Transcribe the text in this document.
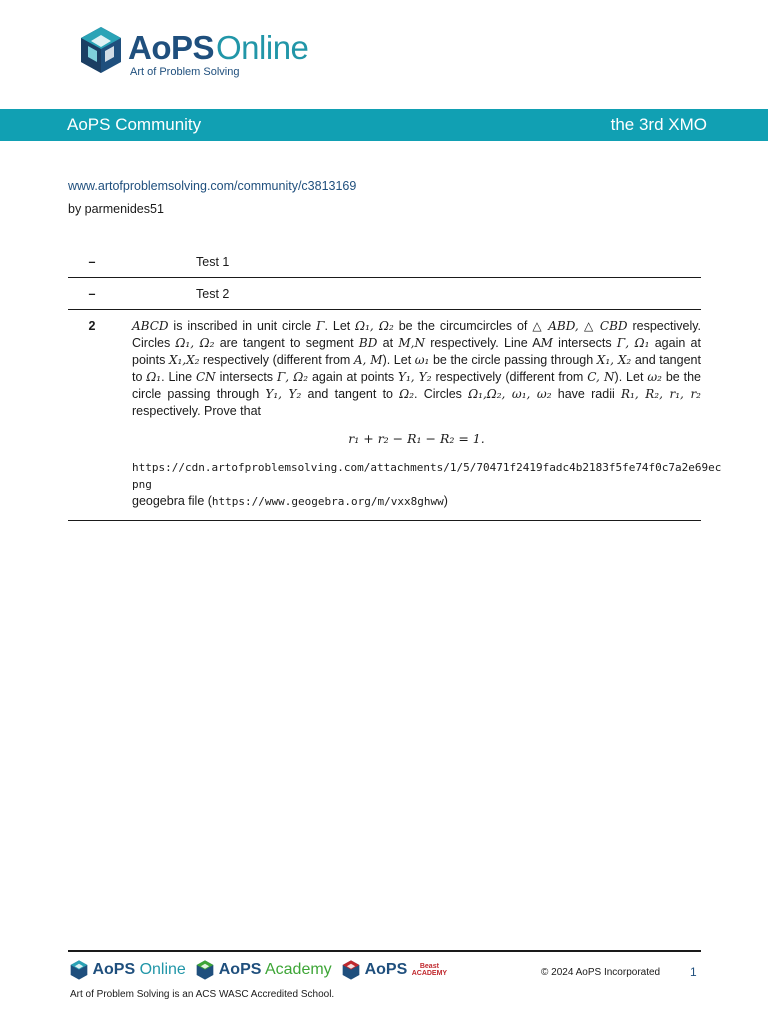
AoPSOnline
Art of Problem Solving
AoPS Community	the 3rd XMO
www.artofproblemsolving.com/community/c3813169
by parmenides51
–	Test 1
–	Test 2
2	ABCD is inscribed in unit circle Γ. Let Ω₁, Ω₂ be the circumcircles of △ ABD, △ CBD respectively. Circles Ω₁, Ω₂ are tangent to segment BD at M,N respectively. Line AM intersects Γ, Ω₁ again at points X₁,X₂ respectively (different from A, M). Let ω₁ be the circle passing through X₁, X₂ and tangent to Ω₁. Line CN intersects Γ, Ω₂ again at points Y₁, Y₂ respectively (different from C, N). Let ω₂ be the circle passing through Y₁, Y₂ and tangent to Ω₂. Circles Ω₁,Ω₂, ω₁, ω₂ have radii R₁, R₂, r₁, r₂ respectively. Prove that
r₁ + r₂ − R₁ − R₂ = 1.
https://cdn.artofproblemsolving.com/attachments/1/5/70471f2419fadc4b2183f5fe74f0c7a2e69ec
png
geogebra file (https://www.geogebra.org/m/vxx8ghww)
AoPS Online AoPS Academy AoPS Beast
ACADEMY	© 2024 AoPS Incorporated 1
Art of Problem Solving is an ACS WASC Accredited School.
